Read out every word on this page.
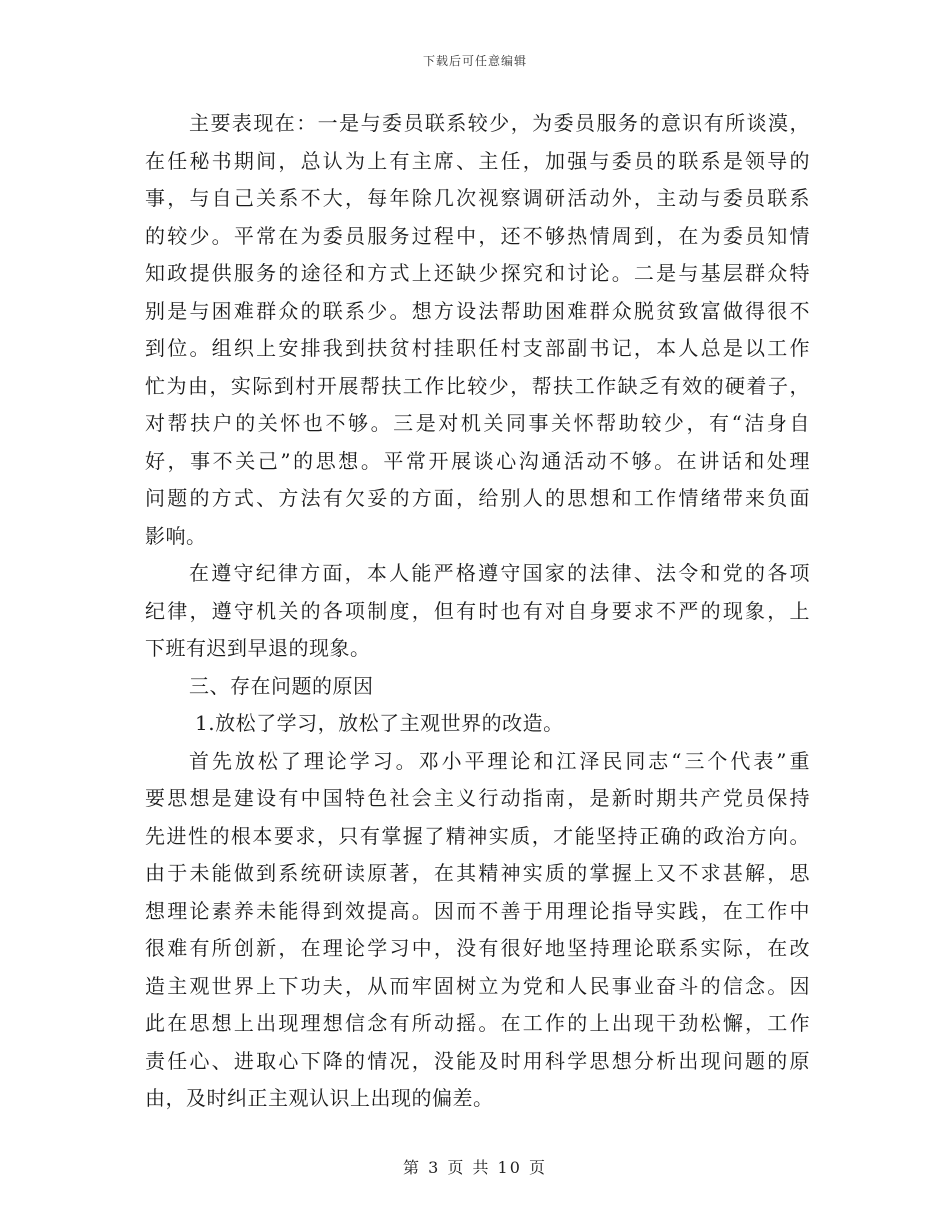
下载后可任意编辑
主要表现在：一是与委员联系较少，为委员服务的意识有所谈漠，
在任秘书期间，总认为上有主席、主任，加强与委员的联系是领导的
事，与自己关系不大，每年除几次视察调研活动外，主动与委员联系
的较少。平常在为委员服务过程中，还不够热情周到，在为委员知情
知政提供服务的途径和方式上还缺少探究和讨论。二是与基层群众特
别是与困难群众的联系少。想方设法帮助困难群众脱贫致富做得很不
到位。组织上安排我到扶贫村挂职任村支部副书记，本人总是以工作
忙为由，实际到村开展帮扶工作比较少，帮扶工作缺乏有效的硬着子，
对帮扶户的关怀也不够。三是对机关同事关怀帮助较少，有“洁身自
好，事不关己”的思想。平常开展谈心沟通活动不够。在讲话和处理
问题的方式、方法有欠妥的方面，给别人的思想和工作情绪带来负面
影响。
在遵守纪律方面，本人能严格遵守国家的法律、法令和党的各项
纪律，遵守机关的各项制度，但有时也有对自身要求不严的现象，上
下班有迟到早退的现象。
三、存在问题的原因
1.放松了学习，放松了主观世界的改造。
首先放松了理论学习。邓小平理论和江泽民同志“三个代表”重
要思想是建设有中国特色社会主义行动指南，是新时期共产党员保持
先进性的根本要求，只有掌握了精神实质，才能坚持正确的政治方向。
由于未能做到系统研读原著，在其精神实质的掌握上又不求甚解，思
想理论素养未能得到效提高。因而不善于用理论指导实践，在工作中
很难有所创新，在理论学习中，没有很好地坚持理论联系实际，在改
造主观世界上下功夫，从而牢固树立为党和人民事业奋斗的信念。因
此在思想上出现理想信念有所动摇。在工作的上出现干劲松懈，工作
责任心、进取心下降的情况，没能及时用科学思想分析出现问题的原
由，及时纠正主观认识上出现的偏差。
第 3 页 共 10 页
